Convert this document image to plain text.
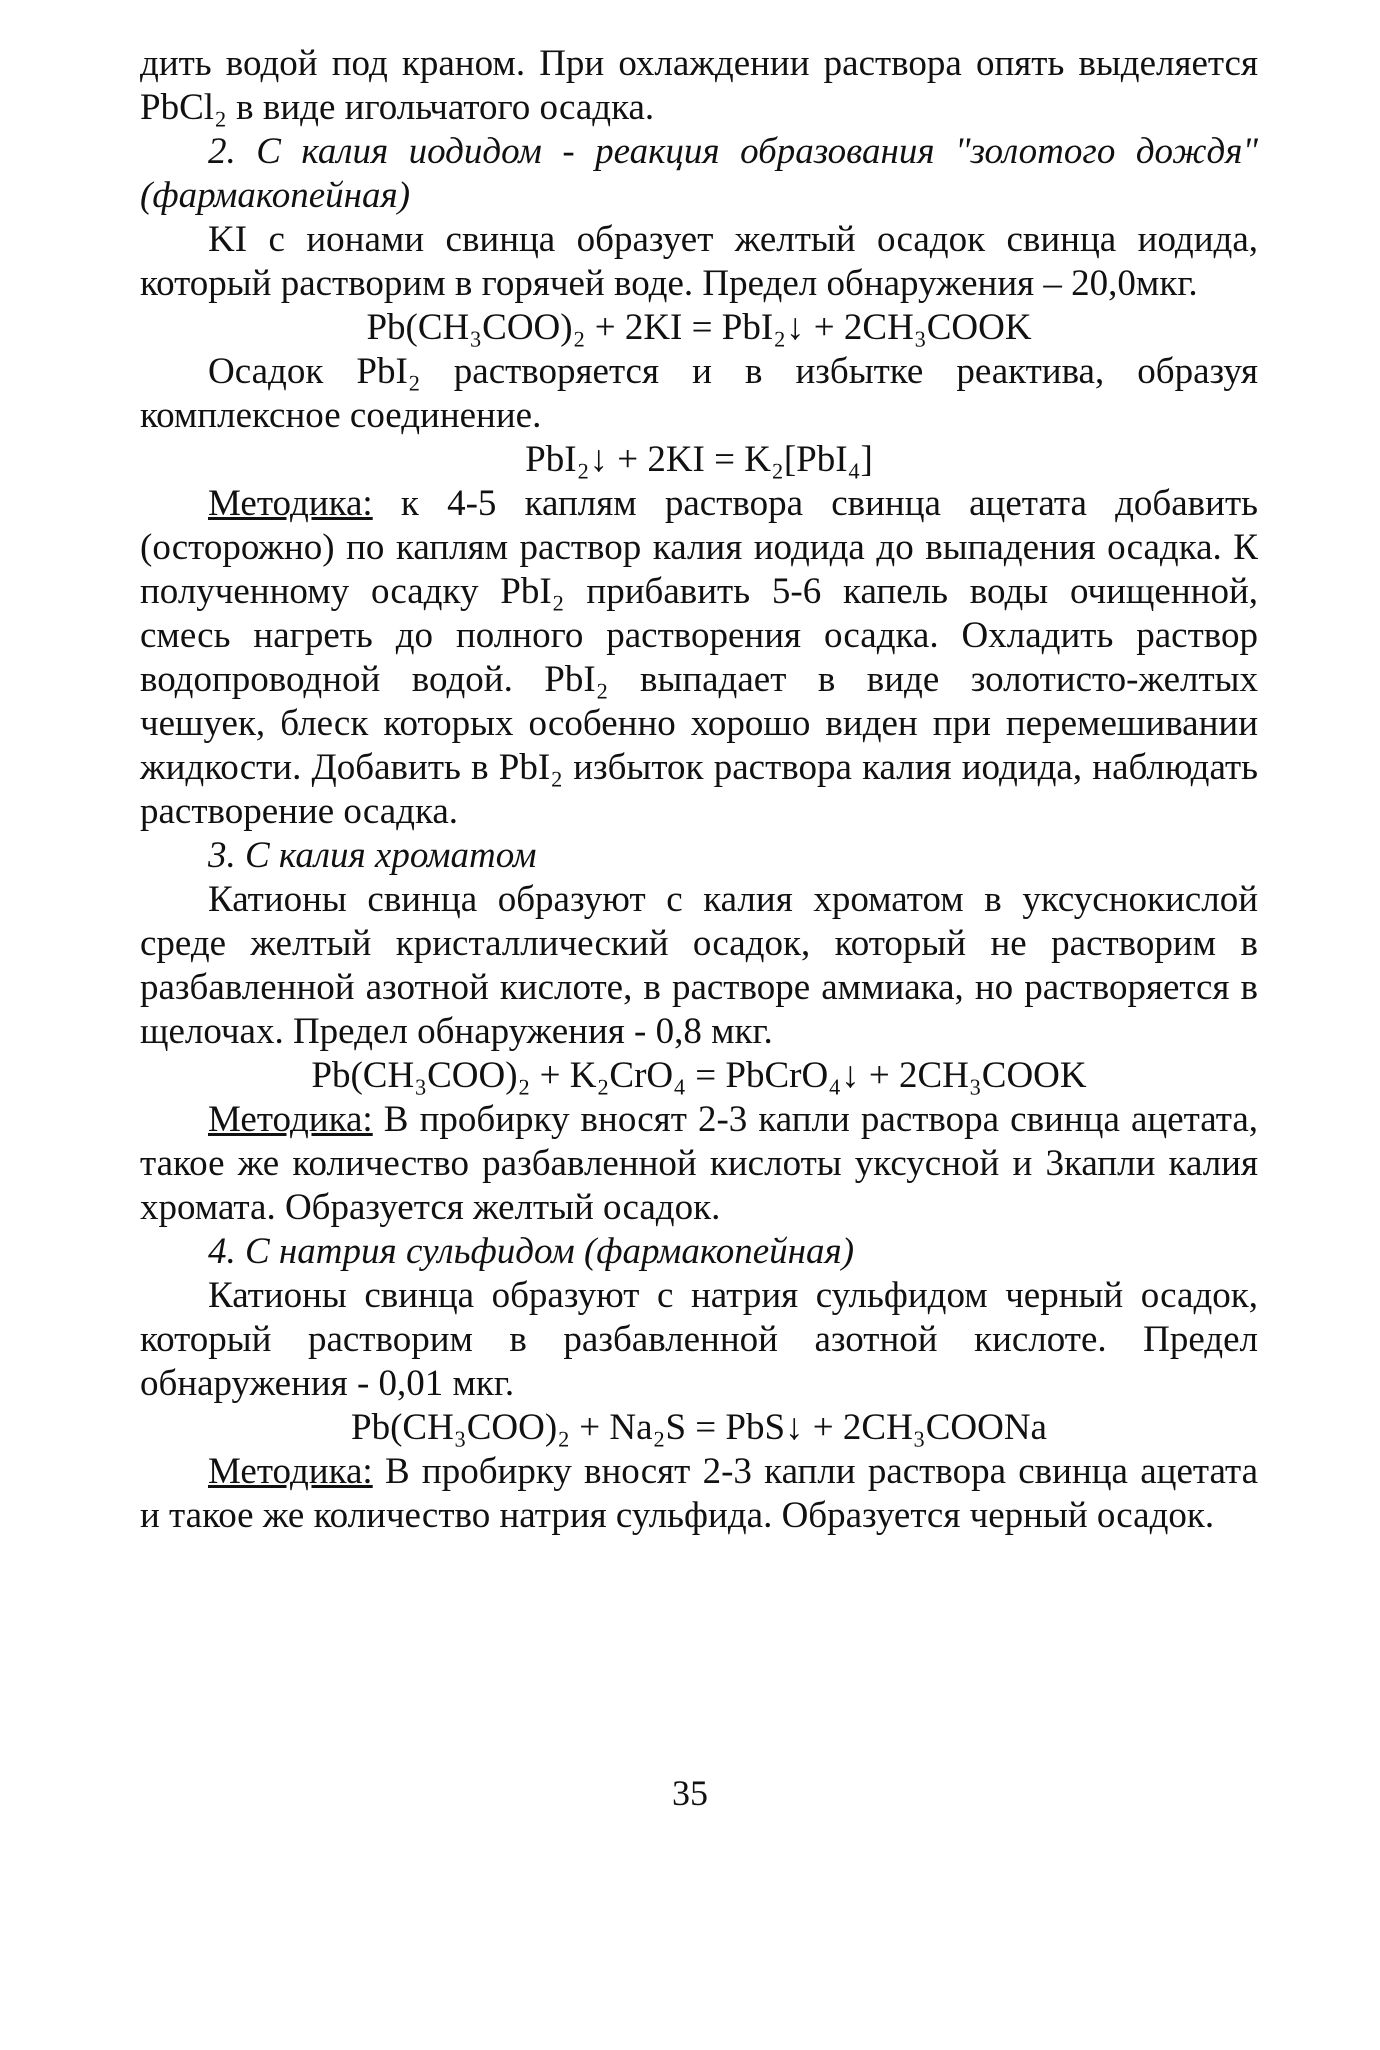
дить водой под краном. При охлаждении раствора опять выделяется PbCl₂ в виде игольчатого осадка.

2. С калия иодидом - реакция образования "золотого дождя" (фармакопейная)

KI с ионами свинца образует желтый осадок свинца иодида, который растворим в горячей воде. Предел обнаружения – 20,0мкг.

Pb(CH₃COO)₂ + 2KI = PbI₂↓ + 2CH₃COOK

Осадок PbI₂ растворяется и в избытке реактива, образуя комплексное соединение.

PbI₂↓ + 2KI = K₂[PbI₄]

Методика: к 4-5 каплям раствора свинца ацетата добавить (осторожно) по каплям раствор калия иодида до выпадения осадка. К полученному осадку PbI₂ прибавить 5-6 капель воды очищенной, смесь нагреть до полного растворения осадка. Охладить раствор водопроводной водой. PbI₂ выпадает в виде золотисто-желтых чешуек, блеск которых особенно хорошо виден при перемешивании жидкости. Добавить в PbI₂ избыток раствора калия иодида, наблюдать растворение осадка.

3. С калия хроматом

Катионы свинца образуют с калия хроматом в уксуснокислой среде желтый кристаллический осадок, который не растворим в разбавленной азотной кислоте, в растворе аммиака, но растворяется в щелочах. Предел обнаружения - 0,8 мкг.

Pb(CH₃COO)₂ + K₂CrO₄ = PbCrO₄↓ + 2CH₃COOK

Методика: В пробирку вносят 2-3 капли раствора свинца ацетата, такое же количество разбавленной кислоты уксусной и 3капли калия хромата. Образуется желтый осадок.

4. С натрия сульфидом (фармакопейная)

Катионы свинца образуют с натрия сульфидом черный осадок, который растворим в разбавленной азотной кислоте. Предел обнаружения - 0,01 мкг.

Pb(CH₃COO)₂ + Na₂S = PbS↓ + 2CH₃COONa

Методика: В пробирку вносят 2-3 капли раствора свинца ацетата и такое же количество натрия сульфида. Образуется черный осадок.

35
